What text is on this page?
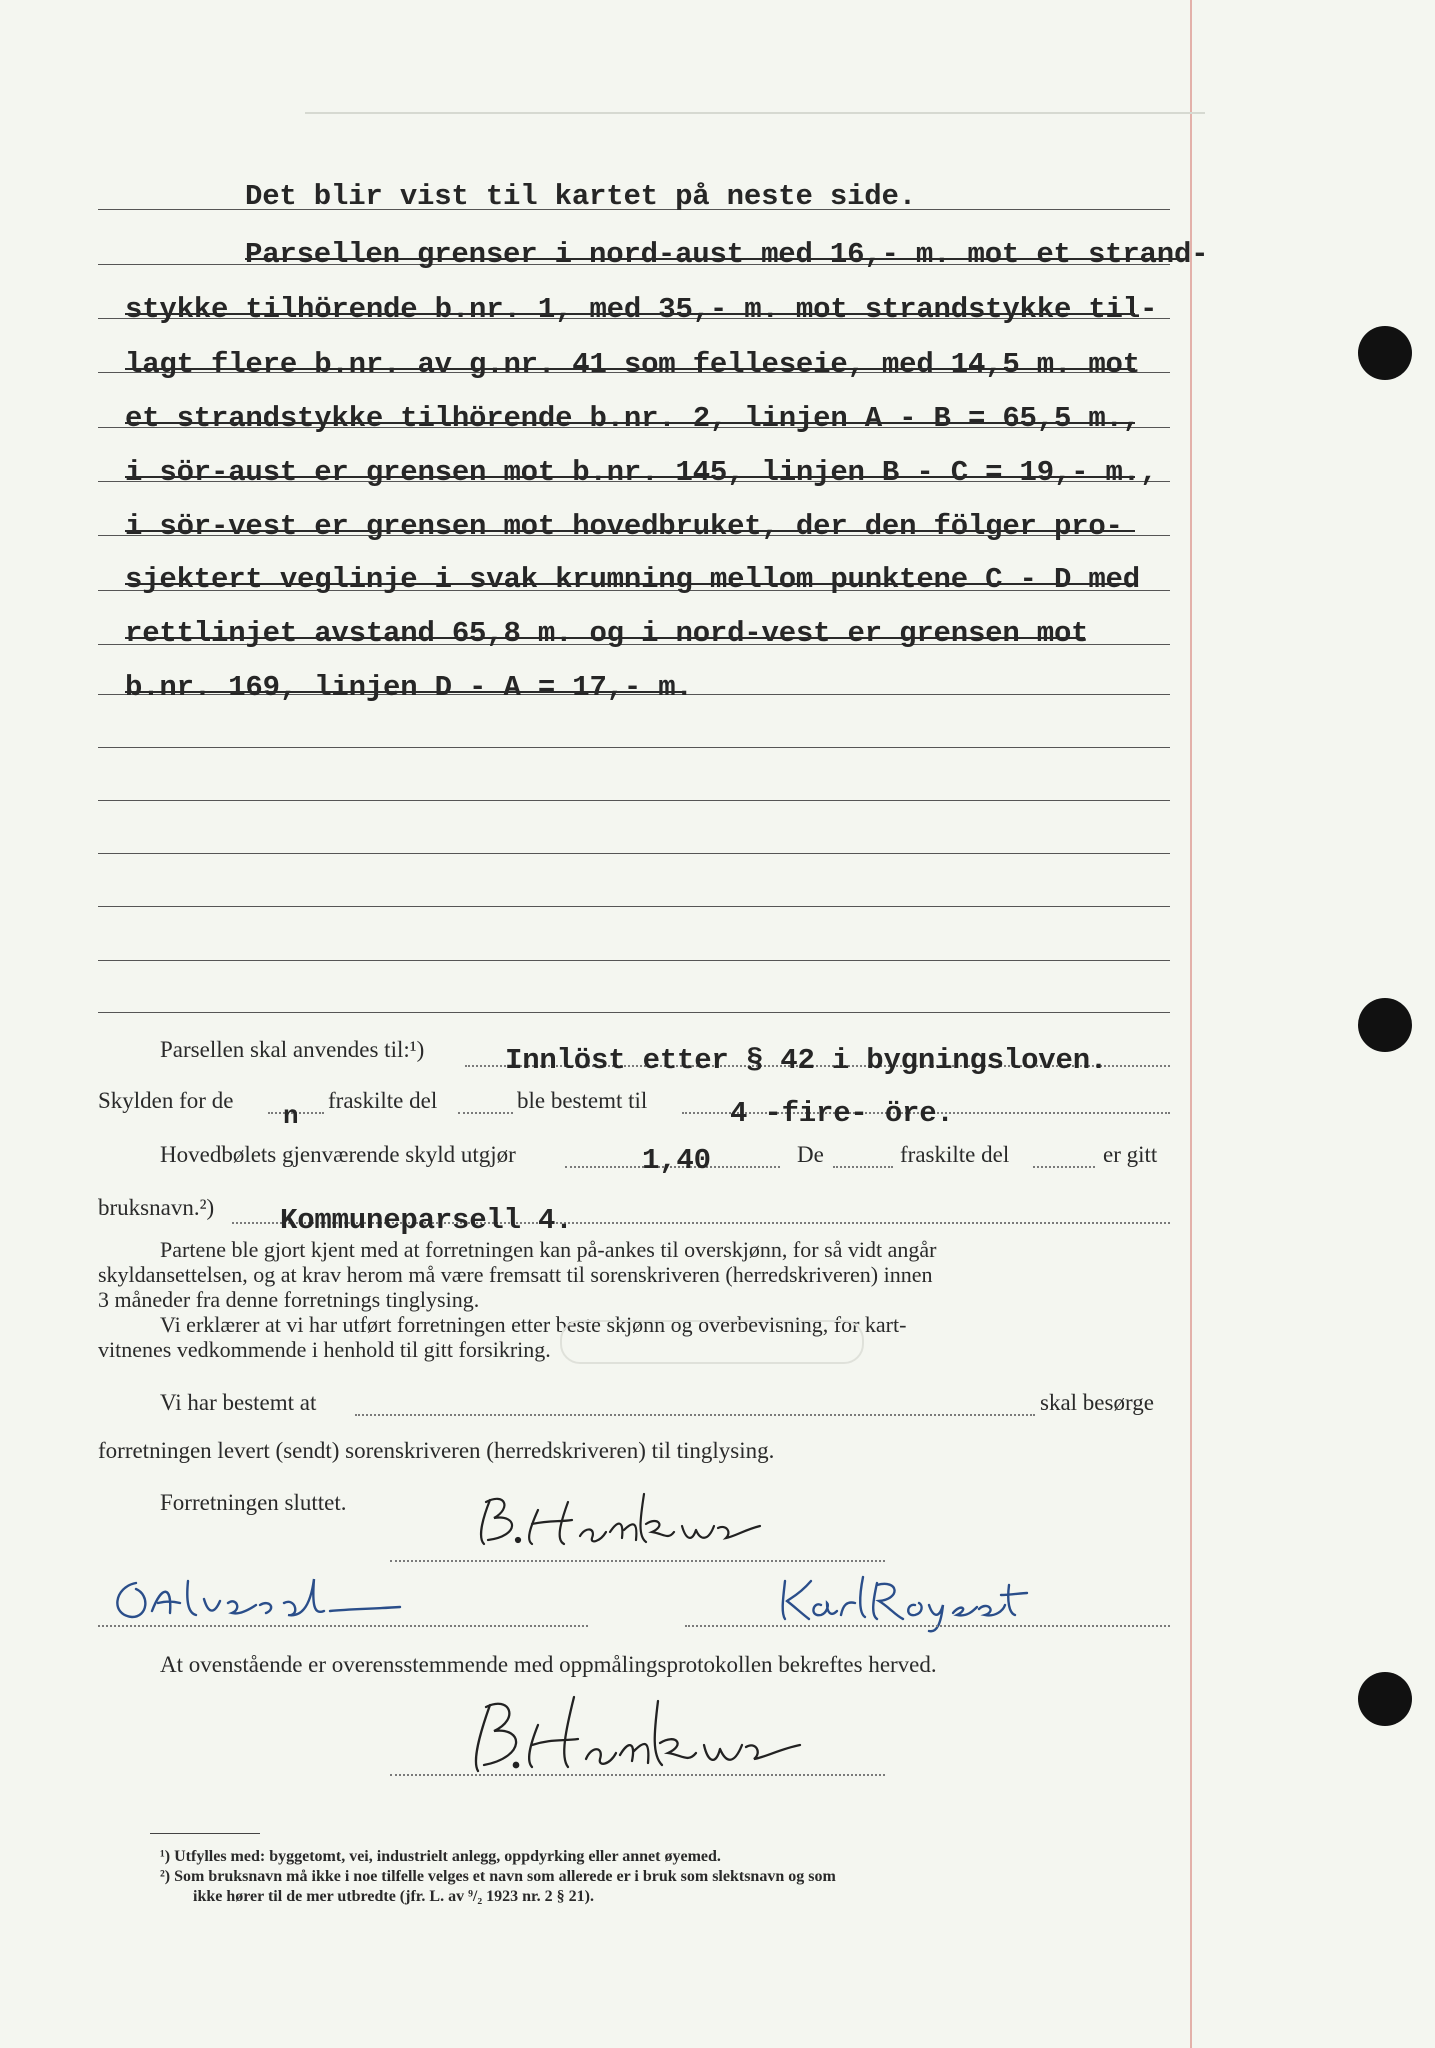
Det blir vist til kartet på neste side.
Parsellen grenser i nord-aust med 16,- m. mot et strand-
stykke tilhörende b.nr. 1, med 35,- m. mot strandstykke til-
lagt flere b.nr. av g.nr. 41 som felleseie, med 14,5 m. mot
et strandstykke tilhörende b.nr. 2, linjen A - B = 65,5 m.,
i sör-aust er grensen mot b.nr. 145, linjen B - C = 19,- m.,
i sör-vest er grensen mot hovedbruket, der den fölger pro-
sjektert veglinje i svak krumning mellom punktene C - D med
rettlinjet avstand 65,8 m. og i nord-vest er grensen mot
b.nr. 169, linjen D - A = 17,- m.
Parsellen skal anvendes til:¹)	Innlöst etter § 42 i bygningsloven.
Skylden for de
n
fraskilte del	ble bestemt til	4 -fire- öre.
Hovedbølets gjenværende skyld utgjør	1,40	De	fraskilte del	er gitt
bruksnavn.²) Kommuneparsell 4.
Partene ble gjort kjent med at forretningen kan på-ankes til overskjønn, for så vidt angår
skyldansettelsen, og at krav herom må være fremsatt til sorenskriveren (herredskriveren) innen
3 måneder fra denne forretnings tinglysing.
Vi erklærer at vi har utført forretningen etter beste skjønn og overbevisning, for kart-
vitnenes vedkommende i henhold til gitt forsikring.
Vi har bestemt at	skal besørge
forretningen levert (sendt) sorenskriveren (herredskriveren) til tinglysing.
Forretningen sluttet.
At ovenstående er overensstemmende med oppmålingsprotokollen bekreftes herved.
¹) Utfylles med: byggetomt, vei, industrielt anlegg, oppdyrking eller annet øyemed.
²) Som bruksnavn må ikke i noe tilfelle velges et navn som allerede er i bruk som slektsnavn og som
ikke hører til de mer utbredte (jfr. L. av ⁹/₂ 1923 nr. 2 § 21).
